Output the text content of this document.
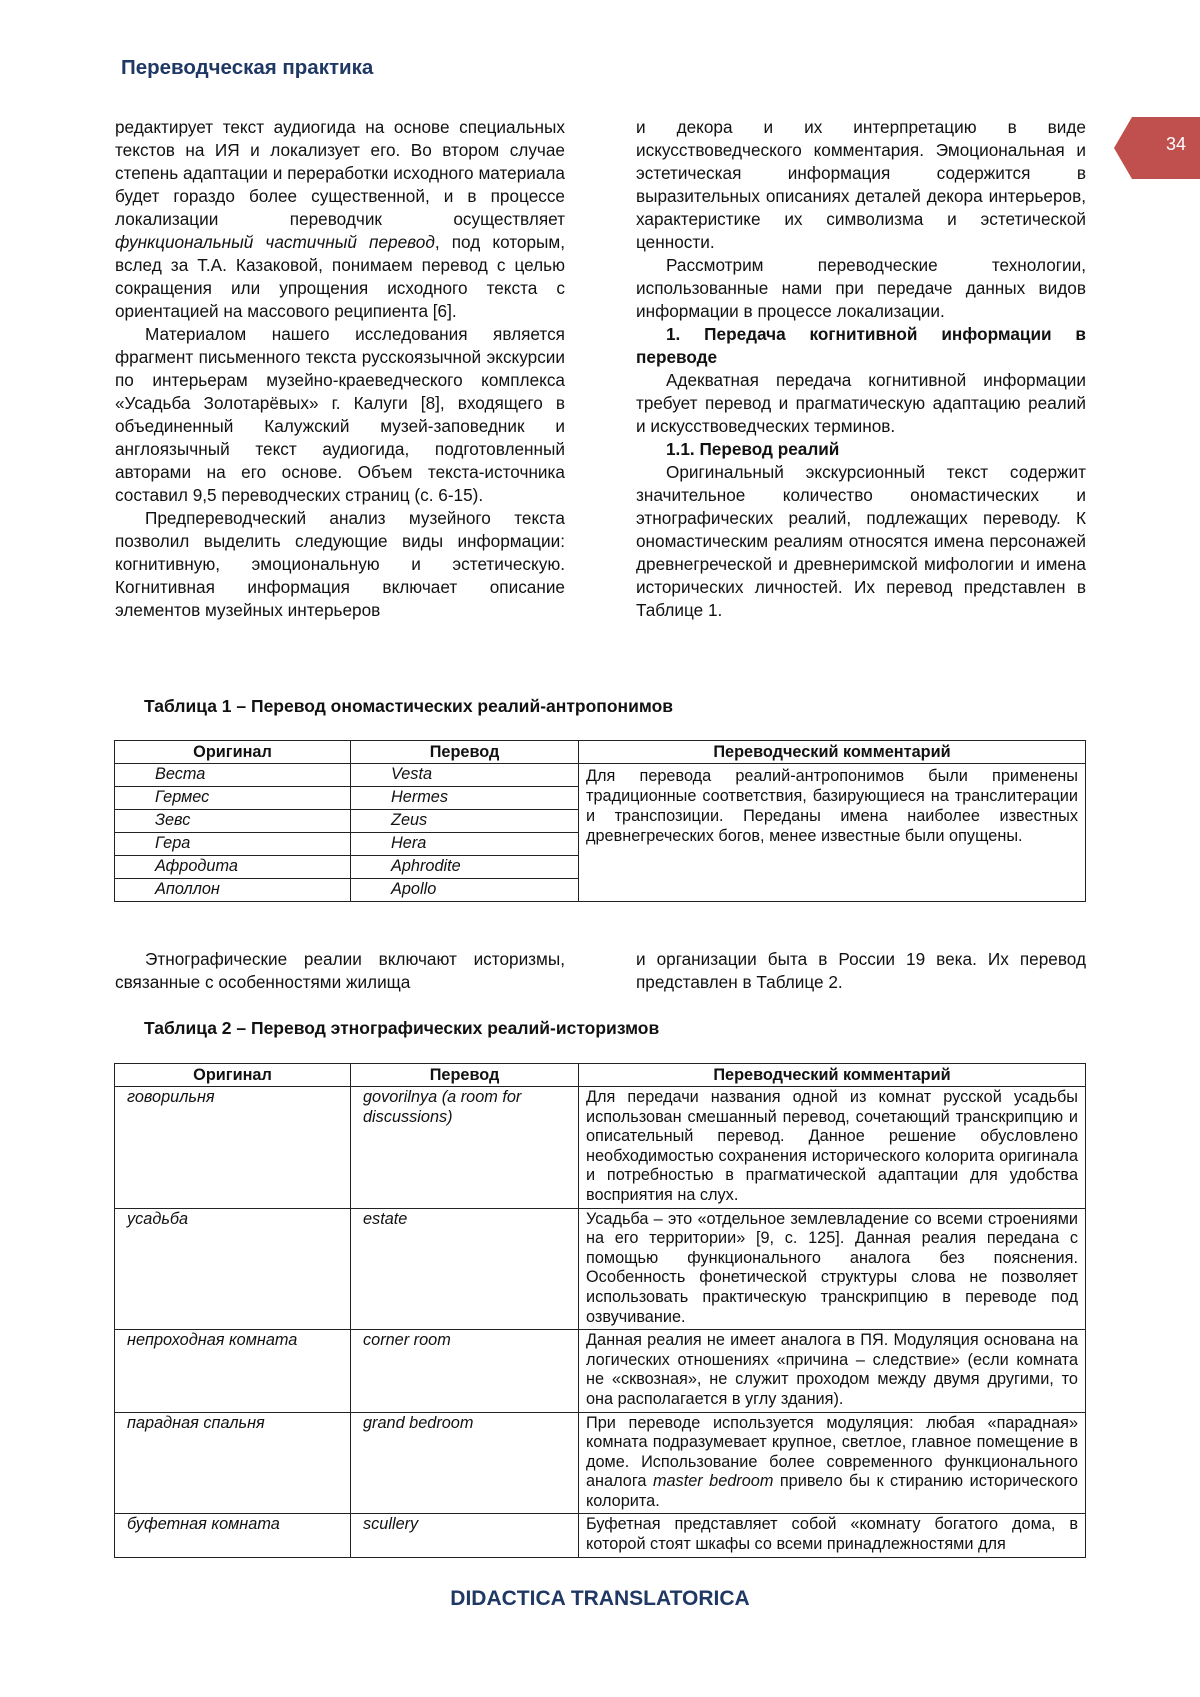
Переводческая практика
34

редактирует текст аудиогида на основе специальных текстов на ИЯ и локализует его. Во втором случае степень адаптации и переработки исходного материала будет гораздо более существенной, и в процессе локализации переводчик осуществляет функциональный частичный перевод, под которым, вслед за Т.А. Казаковой, понимаем перевод с целью сокращения или упрощения исходного текста с ориентацией на массового реципиента [6].

Материалом нашего исследования является фрагмент письменного текста русскоязычной экскурсии по интерьерам музейно-краеведческого комплекса «Усадьба Золотарёвых» г. Калуги [8], входящего в объединенный Калужский музей-заповедник и англоязычный текст аудиогида, подготовленный авторами на его основе. Объем текста-источника составил 9,5 переводческих страниц (с. 6-15).

Предпереводческий анализ музейного текста позволил выделить следующие виды информации: когнитивную, эмоциональную и эстетическую. Когнитивная информация включает описание элементов музейных интерьеров

и декора и их интерпретацию в виде искусствоведческого комментария. Эмоциональная и эстетическая информация содержится в выразительных описаниях деталей декора интерьеров, характеристике их символизма и эстетической ценности.

Рассмотрим переводческие технологии, использованные нами при передаче данных видов информации в процессе локализации.

1. Передача когнитивной информации в переводе

Адекватная передача когнитивной информации требует перевод и прагматическую адаптацию реалий и искусствоведческих терминов.

1.1. Перевод реалий

Оригинальный экскурсионный текст содержит значительное количество ономастических и этнографических реалий, подлежащих переводу. К ономастическим реалиям относятся имена персонажей древнегреческой и древнеримской мифологии и имена исторических личностей. Их перевод представлен в Таблице 1.

Таблица 1 – Перевод ономастических реалий-антропонимов
Оригинал	Перевод	Переводческий комментарий
Веста	Vesta	Для перевода реалий-антропонимов были применены традиционные соответствия, базирующиеся на транслитерации и транспозиции. Переданы имена наиболее известных древнегреческих богов, менее известные были опущены.
Гермес	Hermes	
Зевс	Zeus	
Гера	Hera	
Афродита	Aphrodite	
Аполлон	Apollo	

Этнографические реалии включают историзмы, связанные с особенностями жилища

и организации быта в России 19 века. Их перевод представлен в Таблице 2.

Таблица 2 – Перевод этнографических реалий-историзмов
Оригинал	Перевод	Переводческий комментарий
говорильня	govorilnya (a room for discussions)	Для передачи названия одной из комнат русской усадьбы использован смешанный перевод, сочетающий транскрипцию и описательный перевод. Данное решение обусловлено необходимостью сохранения исторического колорита оригинала и потребностью в прагматической адаптации для удобства восприятия на слух.
усадьба	estate	Усадьба – это «отдельное землевладение со всеми строениями на его территории» [9, с. 125]. Данная реалия передана с помощью функционального аналога без пояснения. Особенность фонетической структуры слова не позволяет использовать практическую транскрипцию в переводе под озвучивание.
непроходная комната	corner room	Данная реалия не имеет аналога в ПЯ. Модуляция основана на логических отношениях «причина – следствие» (если комната не «сквозная», не служит проходом между двумя другими, то она располагается в углу здания).
парадная спальня	grand bedroom	При переводе используется модуляция: любая «парадная» комната подразумевает крупное, светлое, главное помещение в доме. Использование более современного функционального аналога master bedroom привело бы к стиранию исторического колорита.
буфетная комната	scullery	Буфетная представляет собой «комнату богатого дома, в которой стоят шкафы со всеми принадлежностями для
DIDACTICA TRANSLATORICA
